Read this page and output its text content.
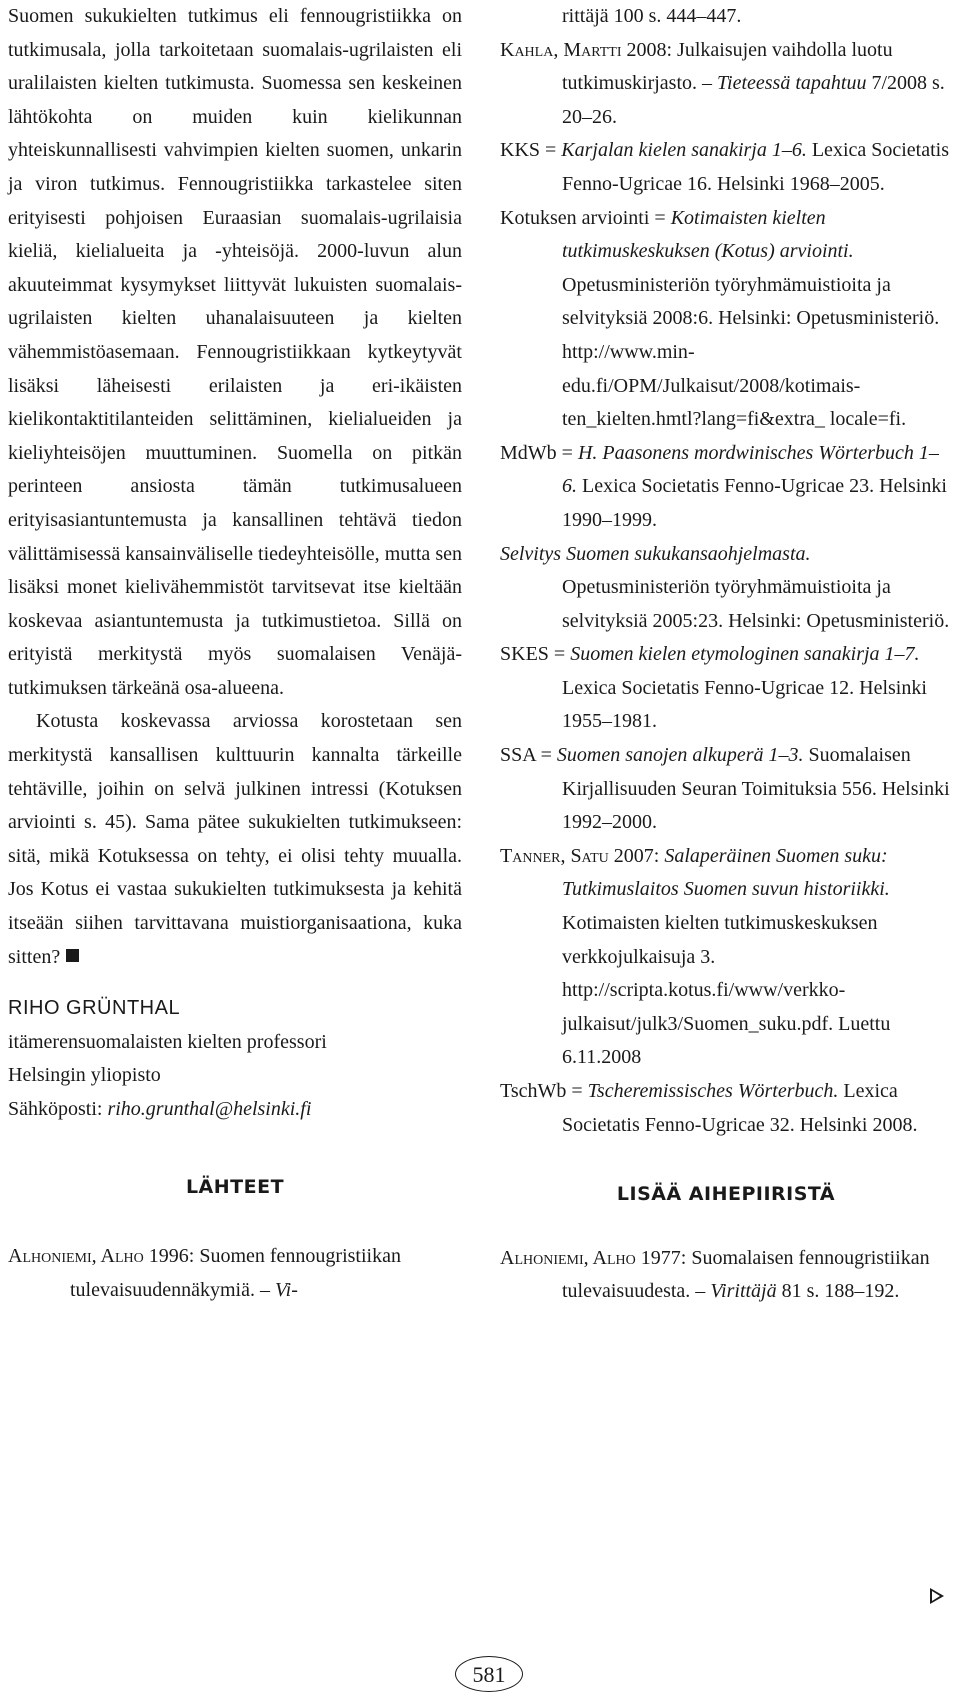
Suomen sukukielten tutkimus eli fennougristiikka on tutkimusala, jolla tarkoitetaan suomalais-ugrilaisten eli uralilaisten kielten tutkimusta. Suomessa sen keskeinen lähtökohta on muiden kuin kielikunnan yhteiskunnallisesti vahvimpien kielten suomen, unkarin ja viron tutkimus. Fennougristiikka tarkastelee siten erityisesti pohjoisen Euraasian suomalais-ugrilaisia kieliä, kielialueita ja -yhteisöjä. 2000-luvun alun akuuteimmat kysymykset liittyvät lukuisten suomalais-ugrilaisten kielten uhanalaisuuteen ja kielten vähemmistöasemaan. Fennougristiikkaan kytkeytyvät lisäksi läheisesti erilaisten ja eri-ikäisten kielikontaktitilanteiden selittäminen, kielialueiden ja kieliyhteisöjen muuttuminen. Suomella on pitkän perinteen ansiosta tämän tutkimusalueen erityisasiantuntemusta ja kansallinen tehtävä tiedon välittämisessä kansainväliselle tiedeyhteisölle, mutta sen lisäksi monet kielivähemmistöt tarvitsevat itse kieltään koskevaa asiantuntemusta ja tutkimustietoa. Sillä on erityistä merkitystä myös suomalaisen Venäjä-tutkimuksen tärkeänä osa-alueena.

Kotusta koskevassa arviossa korostetaan sen merkitystä kansallisen kulttuurin kannalta tärkeille tehtäville, joihin on selvä julkinen intressi (Kotuksen arviointi s. 45). Sama pätee sukukielten tutkimukseen: sitä, mikä Kotuksessa on tehty, ei olisi tehty muualla. Jos Kotus ei vastaa sukukielten tutkimuksesta ja kehitä itseään siihen tarvittavana muistiorganisaationa, kuka sitten?

RIHO GRÜNTHAL
itämerensuomalaisten kielten professori
Helsingin yliopisto
Sähköposti: riho.grunthal@helsinki.fi
LÄHTEET

Alhoniemi, Alho 1996: Suomen fennougristiikan tulevaisuudennäkymiä. – Vi-

rittäjä 100 s. 444–447.

Kahla, Martti 2008: Julkaisujen vaihdolla luotu tutkimuskirjasto. – Tieteessä tapahtuu 7/2008 s. 20–26.

KKS = Karjalan kielen sanakirja 1–6. Lexica Societatis Fenno-Ugricae 16. Helsinki 1968–2005.

Kotuksen arviointi = Kotimaisten kielten tutkimuskeskuksen (Kotus) arviointi. Opetusministeriön työryhmämuistioita ja selvityksiä 2008:6. Helsinki: Opetusministeriö. http://www.minedu.fi/OPM/Julkaisut/2008/kotimaisten_kielten.hmtl?lang=fi&extra_ locale=fi.

MdWb = H. Paasonens mordwinisches Wörterbuch 1–6. Lexica Societatis Fenno-Ugricae 23. Helsinki 1990–1999.

Selvitys Suomen sukukansaohjelmasta. Opetusministeriön työryhmämuistioita ja selvityksiä 2005:23. Helsinki: Opetusministeriö.

SKES = Suomen kielen etymologinen sanakirja 1–7. Lexica Societatis Fenno-Ugricae 12. Helsinki 1955–1981.

SSA = Suomen sanojen alkuperä 1–3. Suomalaisen Kirjallisuuden Seuran Toimituksia 556. Helsinki 1992–2000.

Tanner, Satu 2007: Salaperäinen Suomen suku: Tutkimuslaitos Suomen suvun historiikki. Kotimaisten kielten tutkimuskeskuksen verkkojulkaisuja 3. http://scripta.kotus.fi/www/verkkojulkaisut/julk3/Suomen_suku.pdf. Luettu 6.11.2008

TschWb = Tscheremissisches Wörterbuch. Lexica Societatis Fenno-Ugricae 32. Helsinki 2008.

LISÄÄ AIHEPIIRISTÄ

Alhoniemi, Alho 1977: Suomalaisen fennougristiikan tulevaisuudesta. – Virittäjä 81 s. 188–192.

581
